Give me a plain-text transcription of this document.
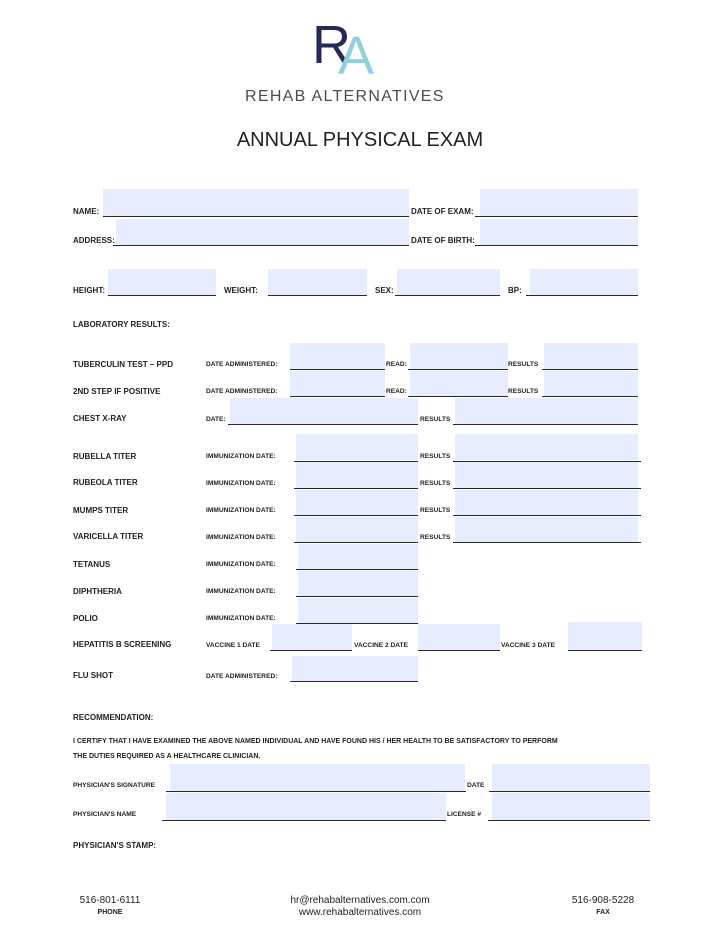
R
A
REHAB ALTERNATIVES
ANNUAL PHYSICAL EXAM
NAME:	DATE OF EXAM:
ADDRESS:	DATE OF BIRTH:
HEIGHT:	WEIGHT:	SEX:	BP:
LABORATORY RESULTS:
TUBERCULIN TEST – PPD	DATE ADMINISTERED:	READ:	RESULTS
2ND STEP IF POSITIVE	DATE ADMINISTERED:	READ:	RESULTS
CHEST X-RAY	DATE:	RESULTS
RUBELLA TITER	IMMUNIZATION DATE:	RESULTS
RUBEOLA TITER	IMMUNIZATION DATE:	RESULTS
MUMPS TITER	IMMUNIZATION DATE:	RESULTS
VARICELLA TITER	IMMUNIZATION DATE:	RESULTS
TETANUS	IMMUNIZATION DATE:
DIPHTHERIA	IMMUNIZATION DATE:
POLIO	IMMUNIZATION DATE:
HEPATITIS B SCREENING	VACCINE 1 DATE	VACCINE 2 DATE	VACCINE 3 DATE
FLU SHOT	DATE ADMINISTERED:
RECOMMENDATION:
I CERTIFY THAT I HAVE EXAMINED THE ABOVE NAMED INDIVIDUAL AND HAVE FOUND HIS / HER HEALTH TO BE SATISFACTORY TO PERFORM
THE DUTIES REQUIRED AS A HEALTHCARE CLINICIAN.
PHYSICIAN'S SIGNATURE	DATE
PHYSICIAN'S NAME	LICENSE #
PHYSICIAN'S STAMP:
516-801-6111
PHONE
hr@rehabalternatives.com.com
www.rehabalternatives.com
516-908-5228
FAX
